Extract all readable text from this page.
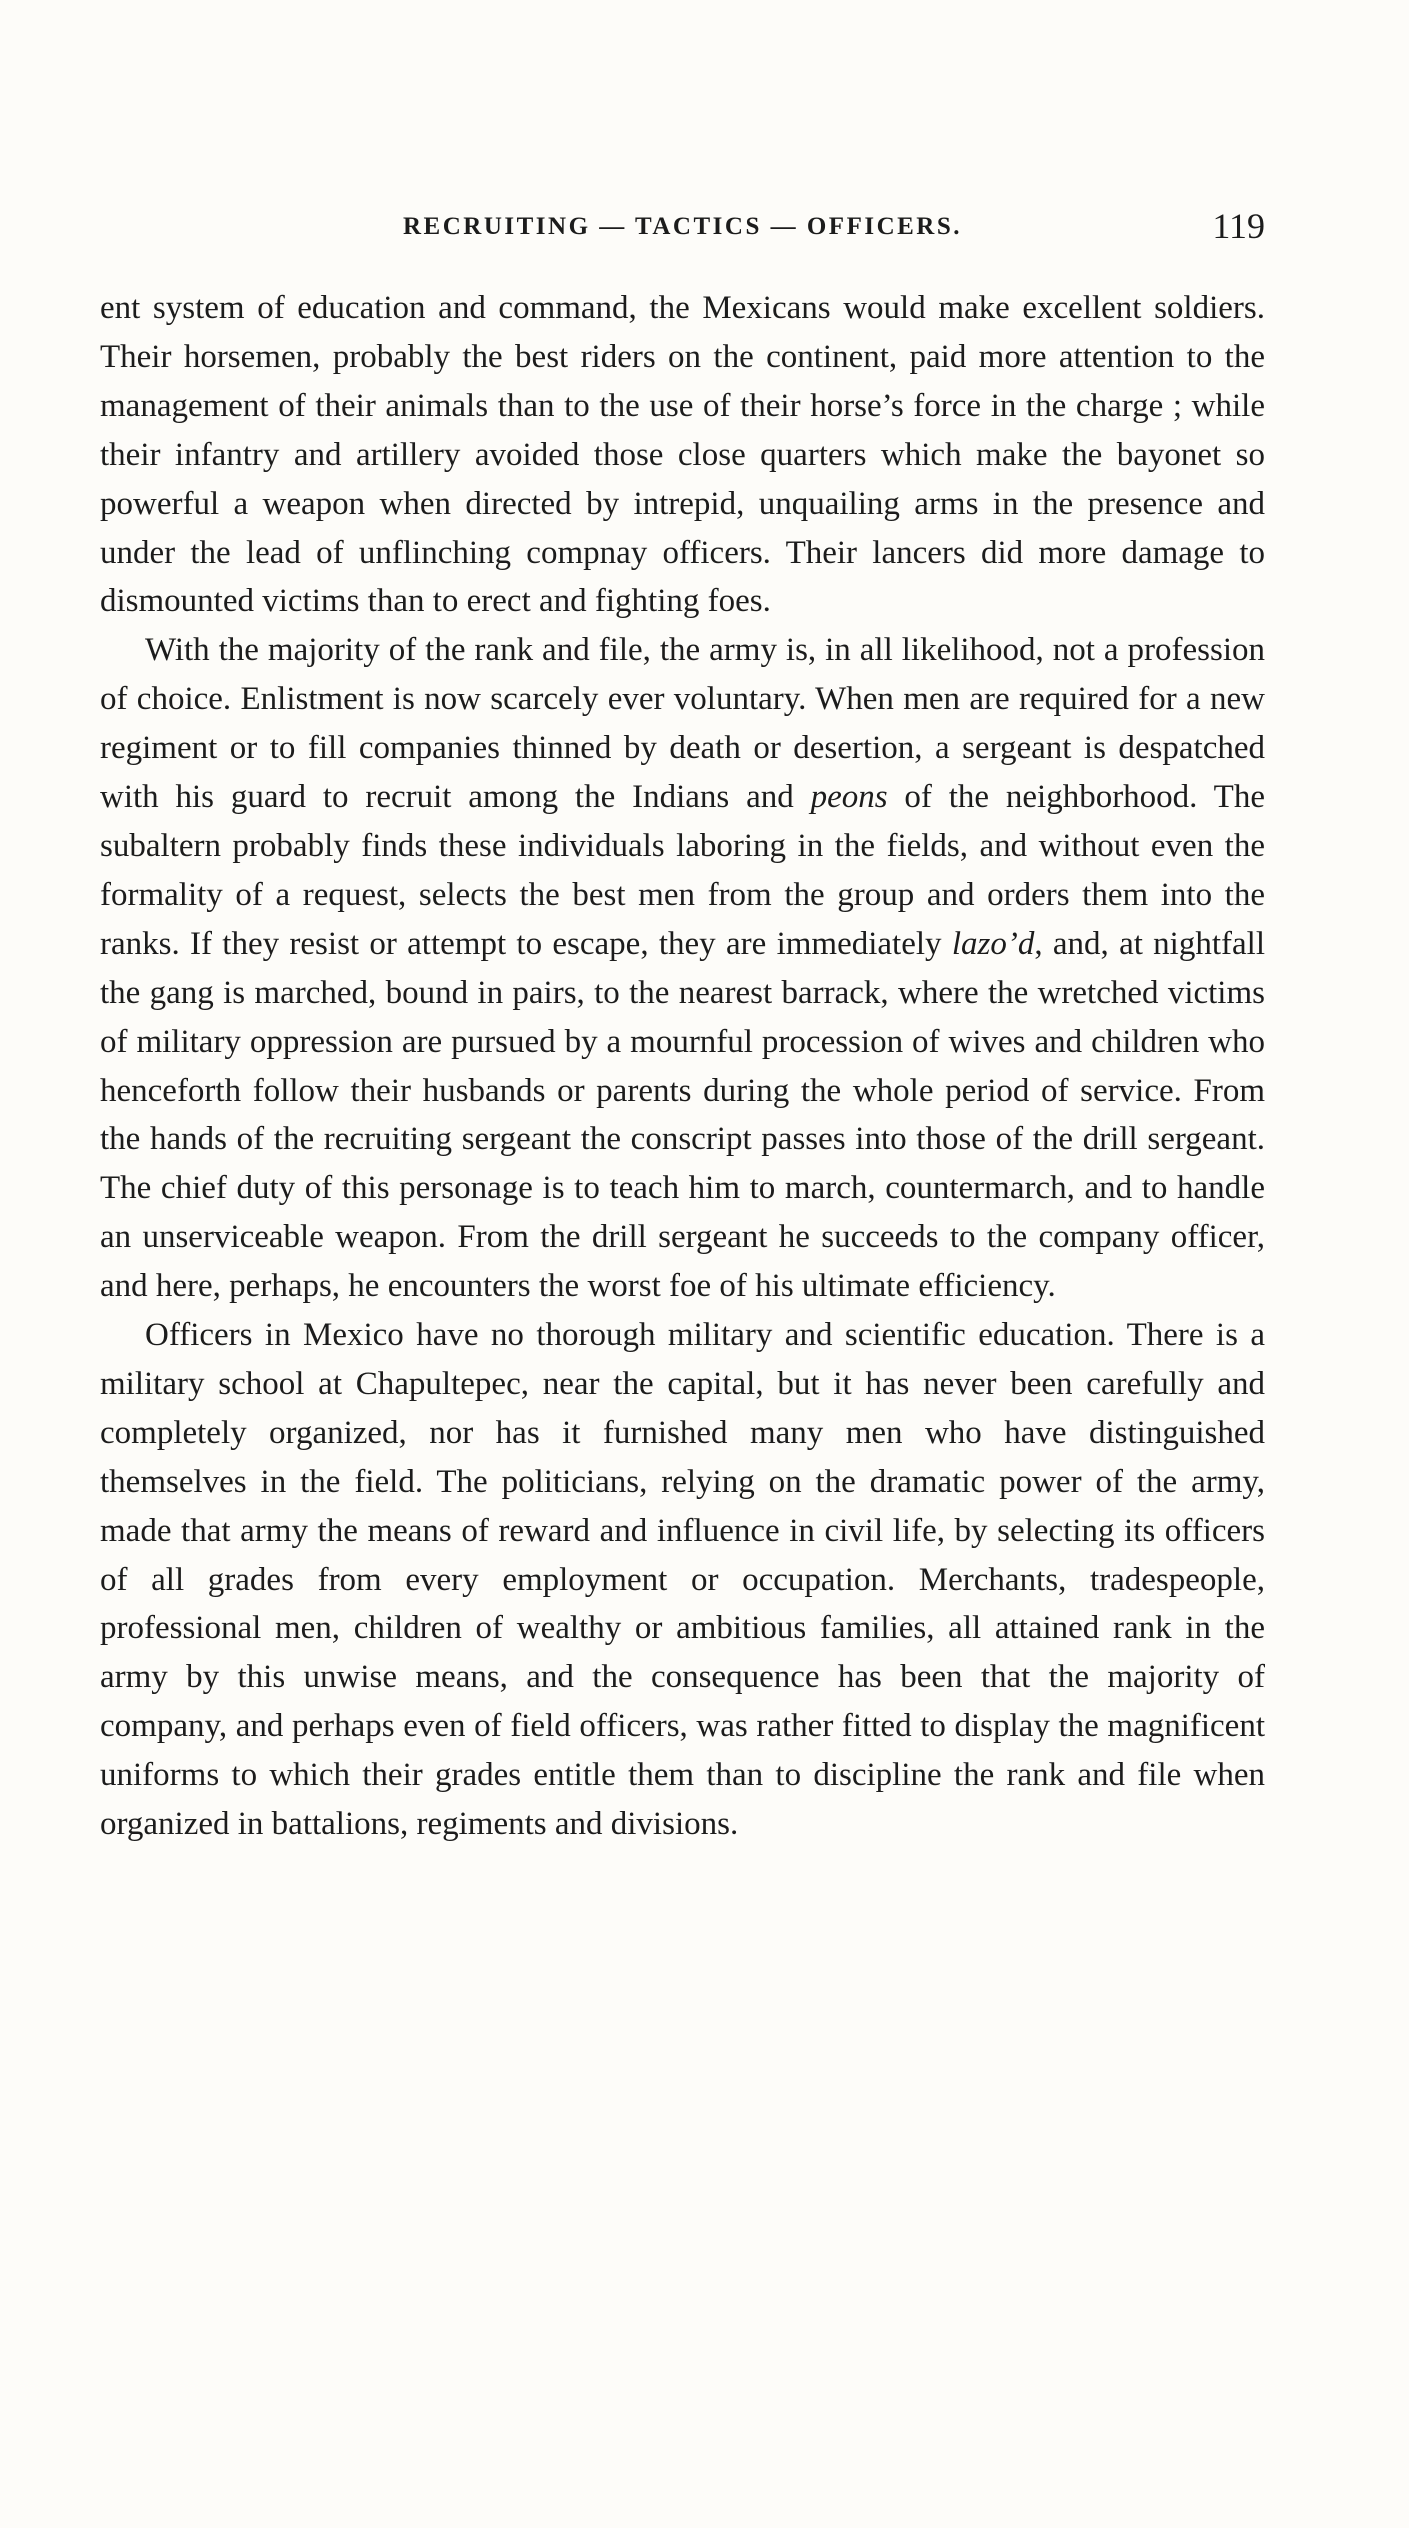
RECRUITING — TACTICS — OFFICERS.	119

ent system of education and command, the Mexicans would make excellent soldiers. Their horsemen, probably the best riders on the continent, paid more attention to the management of their animals than to the use of their horse’s force in the charge ; while their infantry and artillery avoided those close quarters which make the bayonet so powerful a weapon when directed by intrepid, unquailing arms in the presence and under the lead of unflinching compnay officers. Their lancers did more damage to dismounted victims than to erect and fighting foes.

With the majority of the rank and file, the army is, in all likelihood, not a profession of choice. Enlistment is now scarcely ever voluntary. When men are required for a new regiment or to fill companies thinned by death or desertion, a sergeant is despatched with his guard to recruit among the Indians and peons of the neighborhood. The subaltern probably finds these individuals laboring in the fields, and without even the formality of a request, selects the best men from the group and orders them into the ranks. If they resist or attempt to escape, they are immediately lazo’d, and, at nightfall the gang is marched, bound in pairs, to the nearest barrack, where the wretched victims of military oppression are pursued by a mournful procession of wives and children who henceforth follow their husbands or parents during the whole period of service. From the hands of the recruiting sergeant the conscript passes into those of the drill sergeant. The chief duty of this personage is to teach him to march, countermarch, and to handle an unserviceable weapon. From the drill sergeant he succeeds to the company officer, and here, perhaps, he encounters the worst foe of his ultimate efficiency.

Officers in Mexico have no thorough military and scientific education. There is a military school at Chapultepec, near the capital, but it has never been carefully and completely organized, nor has it furnished many men who have distinguished themselves in the field. The politicians, relying on the dramatic power of the army, made that army the means of reward and influence in civil life, by selecting its officers of all grades from every employment or occupation. Merchants, tradespeople, professional men, children of wealthy or ambitious families, all attained rank in the army by this unwise means, and the consequence has been that the majority of company, and perhaps even of field officers, was rather fitted to display the magnificent uniforms to which their grades entitle them than to discipline the rank and file when organized in battalions, regiments and divisions.
